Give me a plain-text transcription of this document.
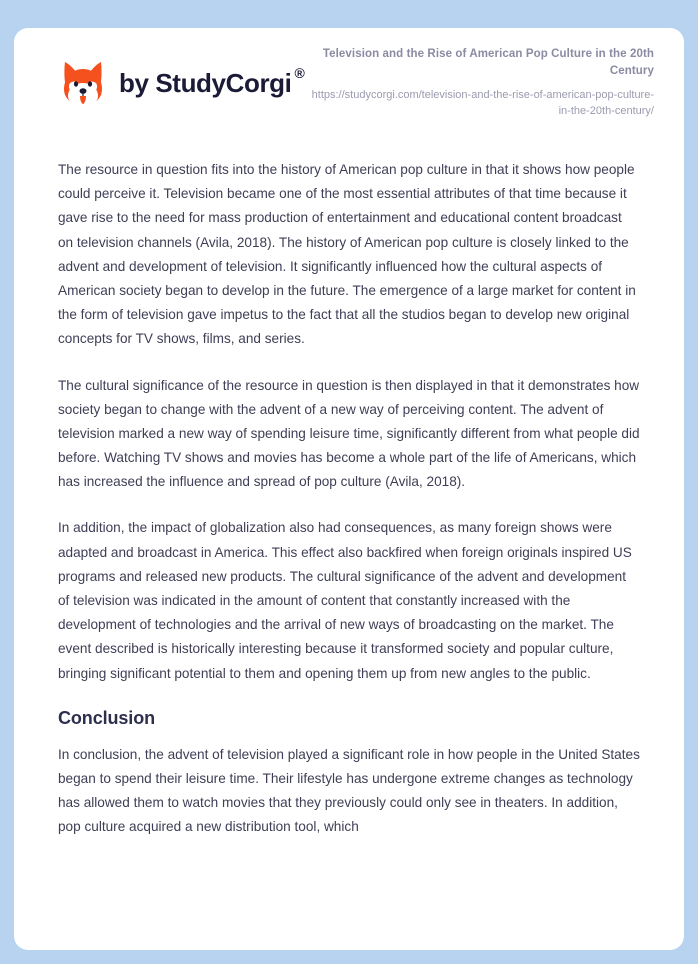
by StudyCorgi ®
Television and the Rise of American Pop Culture in the 20th Century
https://studycorgi.com/television-and-the-rise-of-american-pop-culture-in-the-20th-century/

The resource in question fits into the history of American pop culture in that it shows how people could perceive it. Television became one of the most essential attributes of that time because it gave rise to the need for mass production of entertainment and educational content broadcast on television channels (Avila, 2018). The history of American pop culture is closely linked to the advent and development of television. It significantly influenced how the cultural aspects of American society began to develop in the future. The emergence of a large market for content in the form of television gave impetus to the fact that all the studios began to develop new original concepts for TV shows, films, and series.

The cultural significance of the resource in question is then displayed in that it demonstrates how society began to change with the advent of a new way of perceiving content. The advent of television marked a new way of spending leisure time, significantly different from what people did before. Watching TV shows and movies has become a whole part of the life of Americans, which has increased the influence and spread of pop culture (Avila, 2018).

In addition, the impact of globalization also had consequences, as many foreign shows were adapted and broadcast in America. This effect also backfired when foreign originals inspired US programs and released new products. The cultural significance of the advent and development of television was indicated in the amount of content that constantly increased with the development of technologies and the arrival of new ways of broadcasting on the market. The event described is historically interesting because it transformed society and popular culture, bringing significant potential to them and opening them up from new angles to the public.

Conclusion

In conclusion, the advent of television played a significant role in how people in the United States began to spend their leisure time. Their lifestyle has undergone extreme changes as technology has allowed them to watch movies that they previously could only see in theaters. In addition, pop culture acquired a new distribution tool, which
